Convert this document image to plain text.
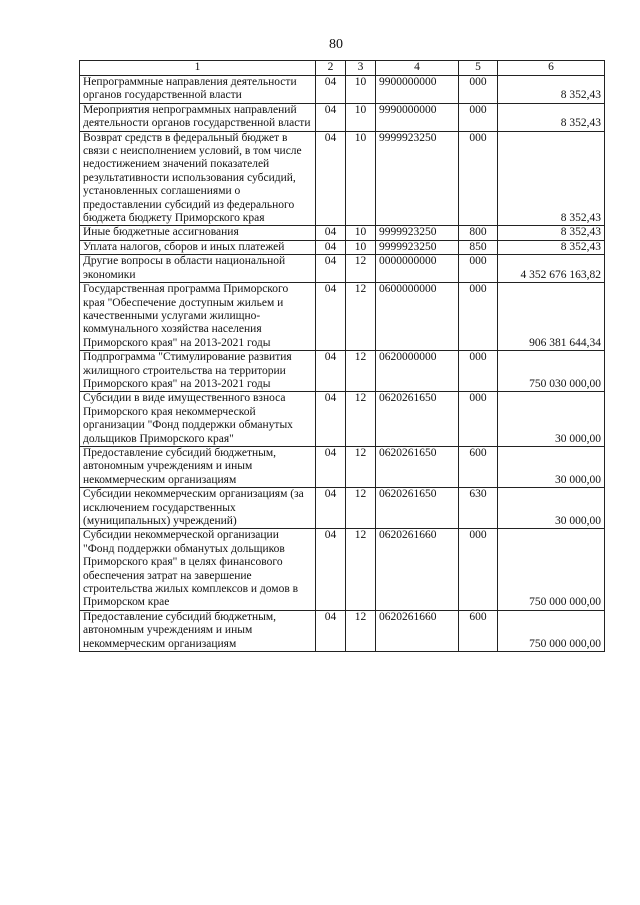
80
1	2	3	4	5	6
Непрограммные направления деятельности органов государственной власти	04	10	9900000000	000	8 352,43
Мероприятия непрограммных направлений деятельности органов государственной власти	04	10	9990000000	000	8 352,43
Возврат средств в федеральный бюджет в связи с неисполнением условий, в том числе недостижением значений показателей результативности использования субсидий, установленных соглашениями о предоставлении субсидий из федерального бюджета бюджету Приморского края	04	10	9999923250	000	8 352,43
Иные бюджетные ассигнования	04	10	9999923250	800	8 352,43
Уплата налогов, сборов и иных платежей	04	10	9999923250	850	8 352,43
Другие вопросы в области национальной экономики	04	12	0000000000	000	4 352 676 163,82
Государственная программа Приморского края "Обеспечение доступным жильем и качественными услугами жилищно-коммунального хозяйства населения Приморского края" на 2013-2021 годы	04	12	0600000000	000	906 381 644,34
Подпрограмма "Стимулирование развития жилищного строительства на территории Приморского края" на 2013-2021 годы	04	12	0620000000	000	750 030 000,00
Субсидии в виде имущественного взноса Приморского края некоммерческой организации "Фонд поддержки обманутых дольщиков Приморского края"	04	12	0620261650	000	30 000,00
Предоставление субсидий бюджетным, автономным учреждениям и иным некоммерческим организациям	04	12	0620261650	600	30 000,00
Субсидии некоммерческим организациям (за исключением государственных (муниципальных) учреждений)	04	12	0620261650	630	30 000,00
Субсидии некоммерческой организации "Фонд поддержки обманутых дольщиков Приморского края" в целях финансового обеспечения затрат на завершение строительства жилых комплексов и домов в Приморском крае	04	12	0620261660	000	750 000 000,00
Предоставление субсидий бюджетным, автономным учреждениям и иным некоммерческим организациям	04	12	0620261660	600	750 000 000,00
